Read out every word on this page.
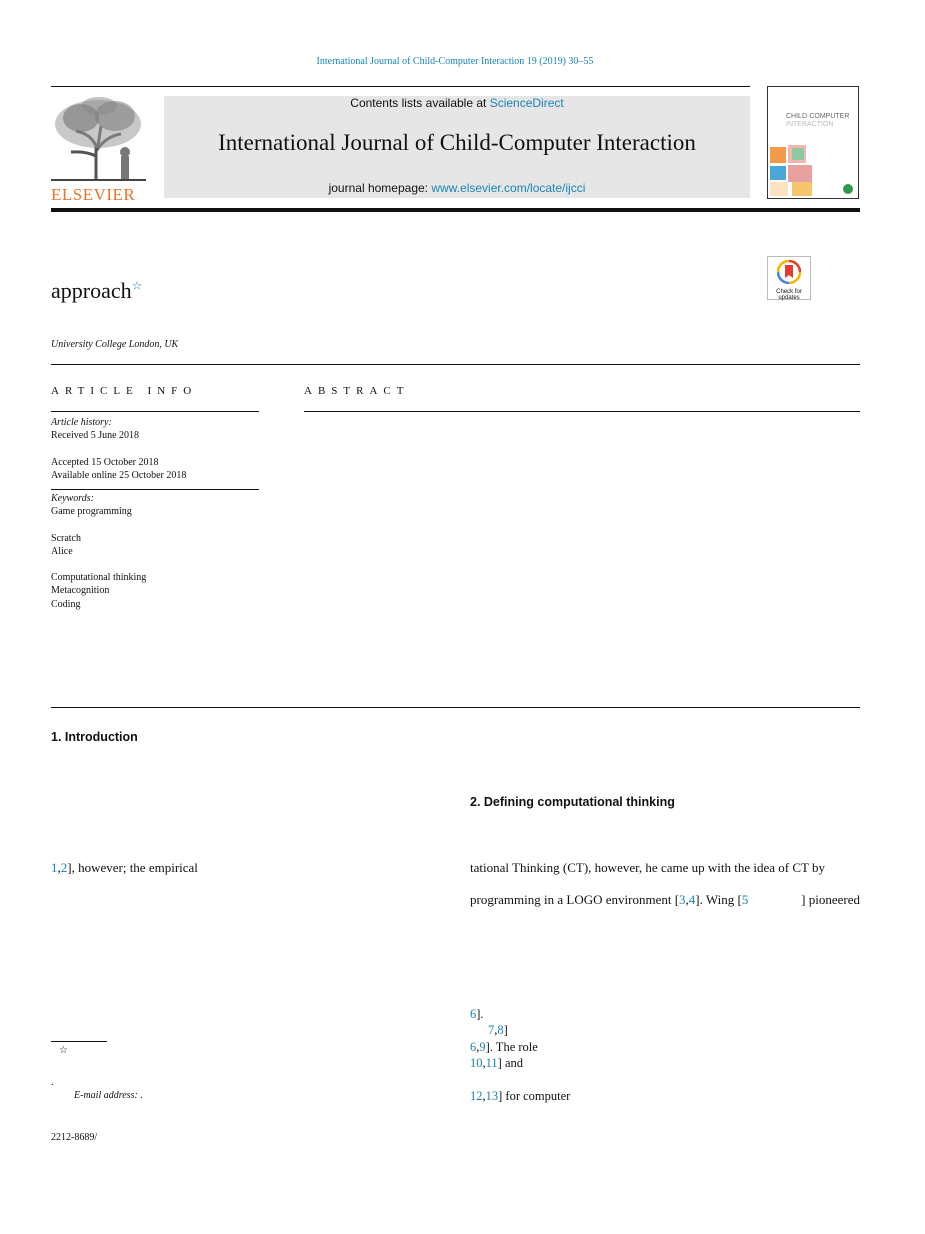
International Journal of Child-Computer Interaction 19 (2019) 30–55
ELSEVIER
Contents lists available at ScienceDirect
International Journal of Child-Computer Interaction
journal homepage: www.elsevier.com/locate/ijcci
CHILD·COMPUTER
INTERACTION
approach☆	Check for
updates
University College London, UK
ARTICLE INFO
Article history:
Received 5 June 2018
Accepted 15 October 2018
Available online 25 October 2018
Keywords:
Game programming
Scratch
Alice
Computational thinking
Metacognition
Coding
ABSTRACT
1. Introduction
1,2], however; the empirical
2. Defining computational thinking
tational Thinking (CT), however, he came up with the idea of CT by
programming in a LOGO environment [3,4]. Wing [5	] pioneered
6].
7,8]
6,9]. The role
10,11] and
12,13] for computer
☆
.
E-mail address: .
2212-8689/
